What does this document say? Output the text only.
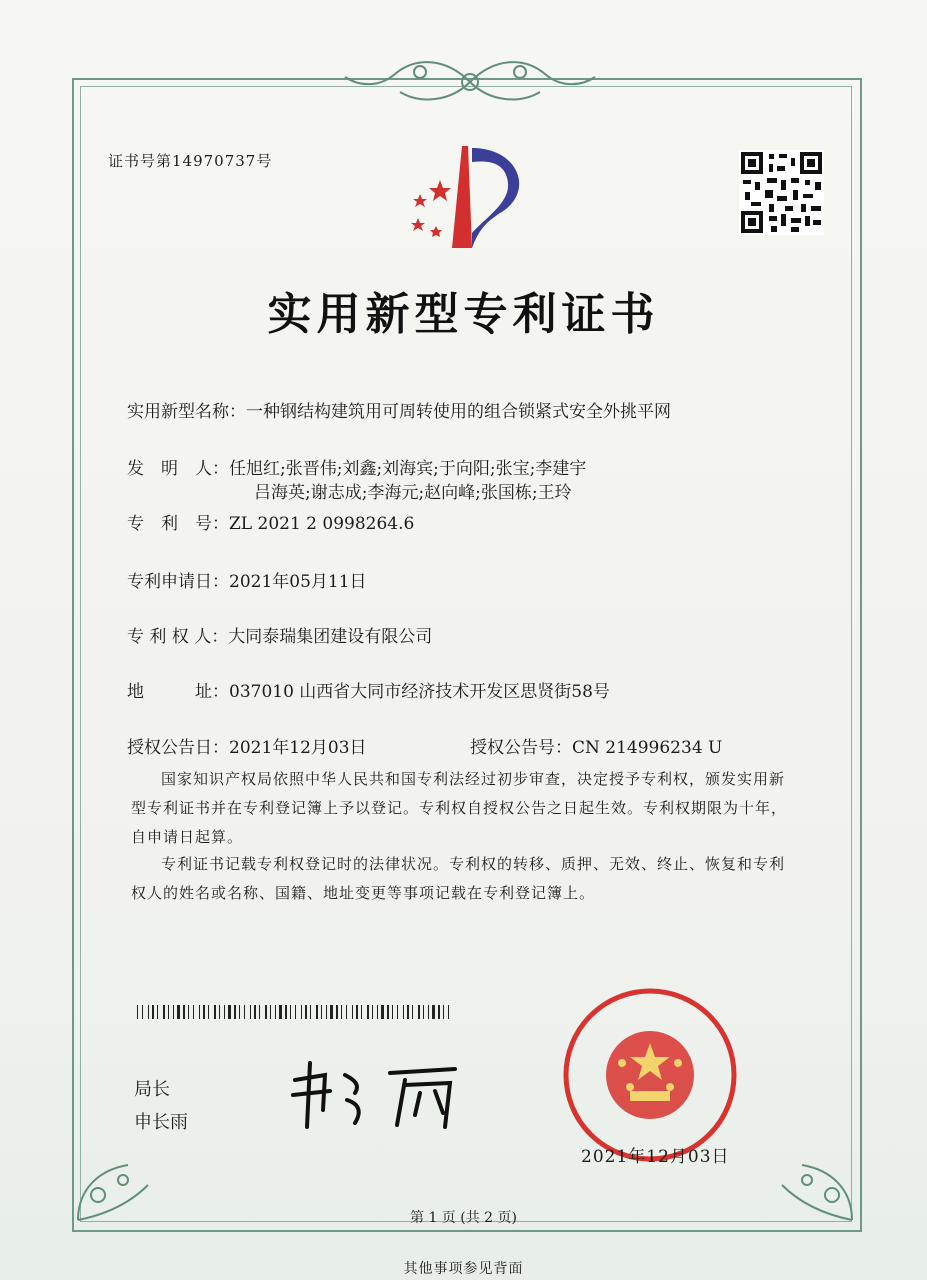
证书号第14970737号
实用新型专利证书
实用新型名称：一种钢结构建筑用可周转使用的组合锁紧式安全外挑平网
发　明　人：任旭红;张晋伟;刘鑫;刘海宾;于向阳;张宝;李建宇
吕海英;谢志成;李海元;赵向峰;张国栋;王玲
专　利　号：ZL 2021 2 0998264.6
专利申请日：2021年05月11日
专 利 权 人：大同泰瑞集团建设有限公司
地　　　址：037010 山西省大同市经济技术开发区思贤街58号
授权公告日：2021年12月03日	授权公告号：CN 214996234 U
国家知识产权局依照中华人民共和国专利法经过初步审查，决定授予专利权，颁发实用新型专利证书并在专利登记簿上予以登记。专利权自授权公告之日起生效。专利权期限为十年，自申请日起算。
专利证书记载专利权登记时的法律状况。专利权的转移、质押、无效、终止、恢复和专利权人的姓名或名称、国籍、地址变更等事项记载在专利登记簿上。
局长
申长雨
2021年12月03日
第 1 页 (共 2 页)
其他事项参见背面
